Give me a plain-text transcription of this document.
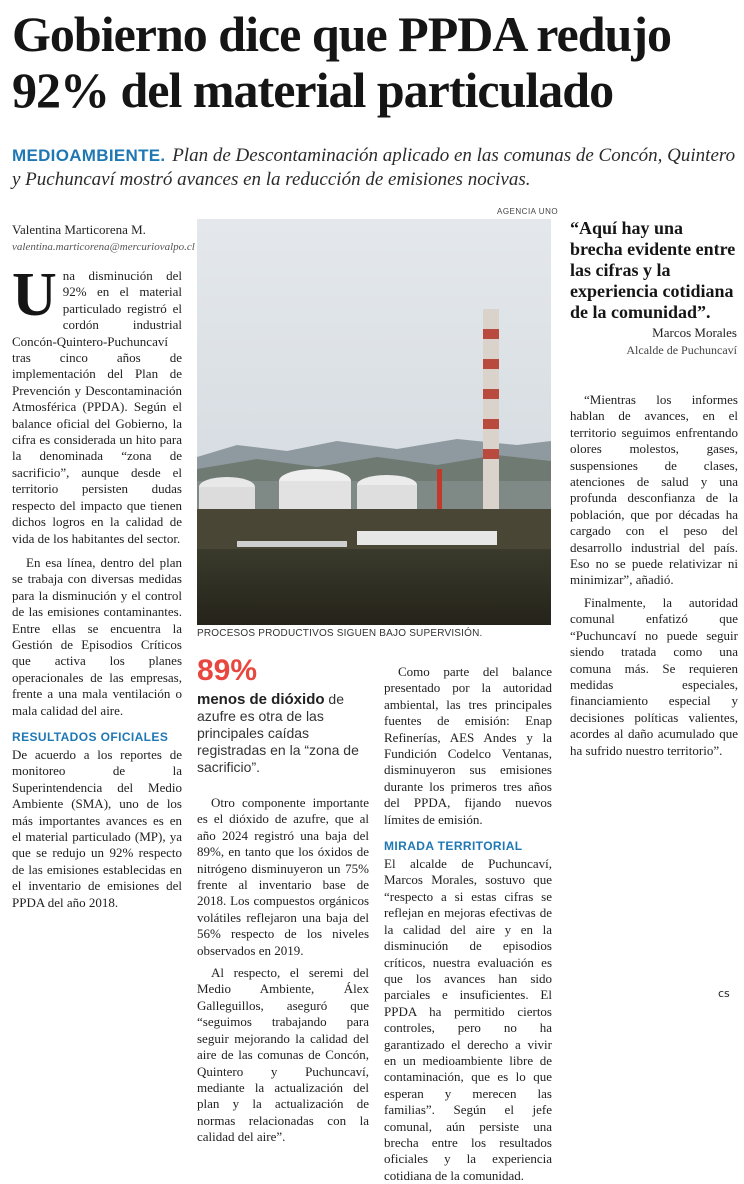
Gobierno dice que PPDA redujo
92% del material particulado
MEDIOAMBIENTE. Plan de Descontaminación aplicado en las comunas de Concón, Quintero y Puchuncaví mostró avances en la reducción de emisiones nocivas.
Valentina Marticorena M.
valentina.marticorena@mercuriovalpo.cl

Una disminución del 92% en el material particulado registró el cordón industrial Concón-Quintero-Puchuncaví tras cinco años de implementación del Plan de Prevención y Descontaminación Atmosférica (PPDA). Según el balance oficial del Gobierno, la cifra es considerada un hito para la denominada “zona de sacrificio”, aunque desde el territorio persisten dudas respecto del impacto que tienen dichos logros en la calidad de vida de los habitantes del sector.

En esa línea, dentro del plan se trabaja con diversas medidas para la disminución y el control de las emisiones contaminantes. Entre ellas se encuentra la Gestión de Episodios Críticos que activa los planes operacionales de las empresas, frente a una mala ventilación o mala calidad del aire.

RESULTADOS OFICIALES

De acuerdo a los reportes de monitoreo de la Superintendencia del Medio Ambiente (SMA), uno de los más importantes avances es en el material particulado (MP), ya que se redujo un 92% respecto de las emisiones establecidas en el inventario de emisiones del PPDA del año 2018.

AGENCIA UNO
PROCESOS PRODUCTIVOS SIGUEN BAJO SUPERVISIÓN.
89%
menos de dióxido de azufre es otra de las principales caídas registradas en la “zona de sacrificio”.

Otro componente importante es el dióxido de azufre, que al año 2024 registró una baja del 89%, en tanto que los óxidos de nitrógeno disminuyeron un 75% frente al inventario base de 2018. Los compuestos orgánicos volátiles reflejaron una baja del 56% respecto de los niveles observados en 2019.

Al respecto, el seremi del Medio Ambiente, Álex Galleguillos, aseguró que “seguimos trabajando para seguir mejorando la calidad del aire de las comunas de Concón, Quintero y Puchuncaví, mediante la actualización del plan y la actualización de normas relacionadas con la calidad del aire”.

Como parte del balance presentado por la autoridad ambiental, las tres principales fuentes de emisión: Enap Refinerías, AES Andes y la Fundición Codelco Ventanas, disminuyeron sus emisiones durante los primeros tres años del PPDA, fijando nuevos límites de emisión.

MIRADA TERRITORIAL

El alcalde de Puchuncaví, Marcos Morales, sostuvo que “respecto a si estas cifras se reflejan en mejoras efectivas de la calidad del aire y en la disminución de episodios críticos, nuestra evaluación es que los avances han sido parciales e insuficientes. El PPDA ha permitido ciertos controles, pero no ha garantizado el derecho a vivir en un medioambiente libre de contaminación, que es lo que esperan y merecen las familias”. Según el jefe comunal, aún persiste una brecha entre los resultados oficiales y la experiencia cotidiana de la comunidad.

“Aquí hay una brecha evidente entre las cifras y la experiencia cotidiana de la comunidad”.
Marcos Morales
Alcalde de Puchuncaví

“Mientras los informes hablan de avances, en el territorio seguimos enfrentando olores molestos, gases, suspensiones de clases, atenciones de salud y una profunda desconfianza de la población, que por décadas ha cargado con el peso del desarrollo industrial del país. Eso no se puede relativizar ni minimizar”, añadió.

Finalmente, la autoridad comunal enfatizó que “Puchuncaví no puede seguir siendo tratada como una comuna más. Se requieren medidas especiales, financiamiento especial y decisiones políticas valientes, acordes al daño acumulado que ha sufrido nuestro territorio”.

cs
